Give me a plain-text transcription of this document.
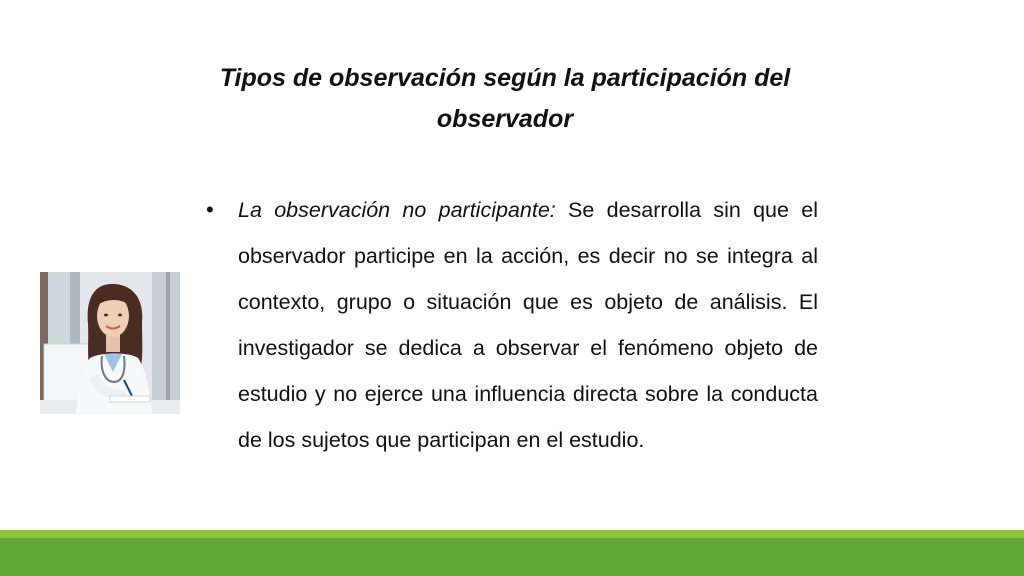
Tipos de observación según la participación del observador
• La observación no participante: Se desarrolla sin que el observador participe en la acción, es decir no se integra al contexto, grupo o situación que es objeto de análisis. El investigador se dedica a observar el fenómeno objeto de estudio y no ejerce una influencia directa sobre la conducta de los sujetos que participan en el estudio.
